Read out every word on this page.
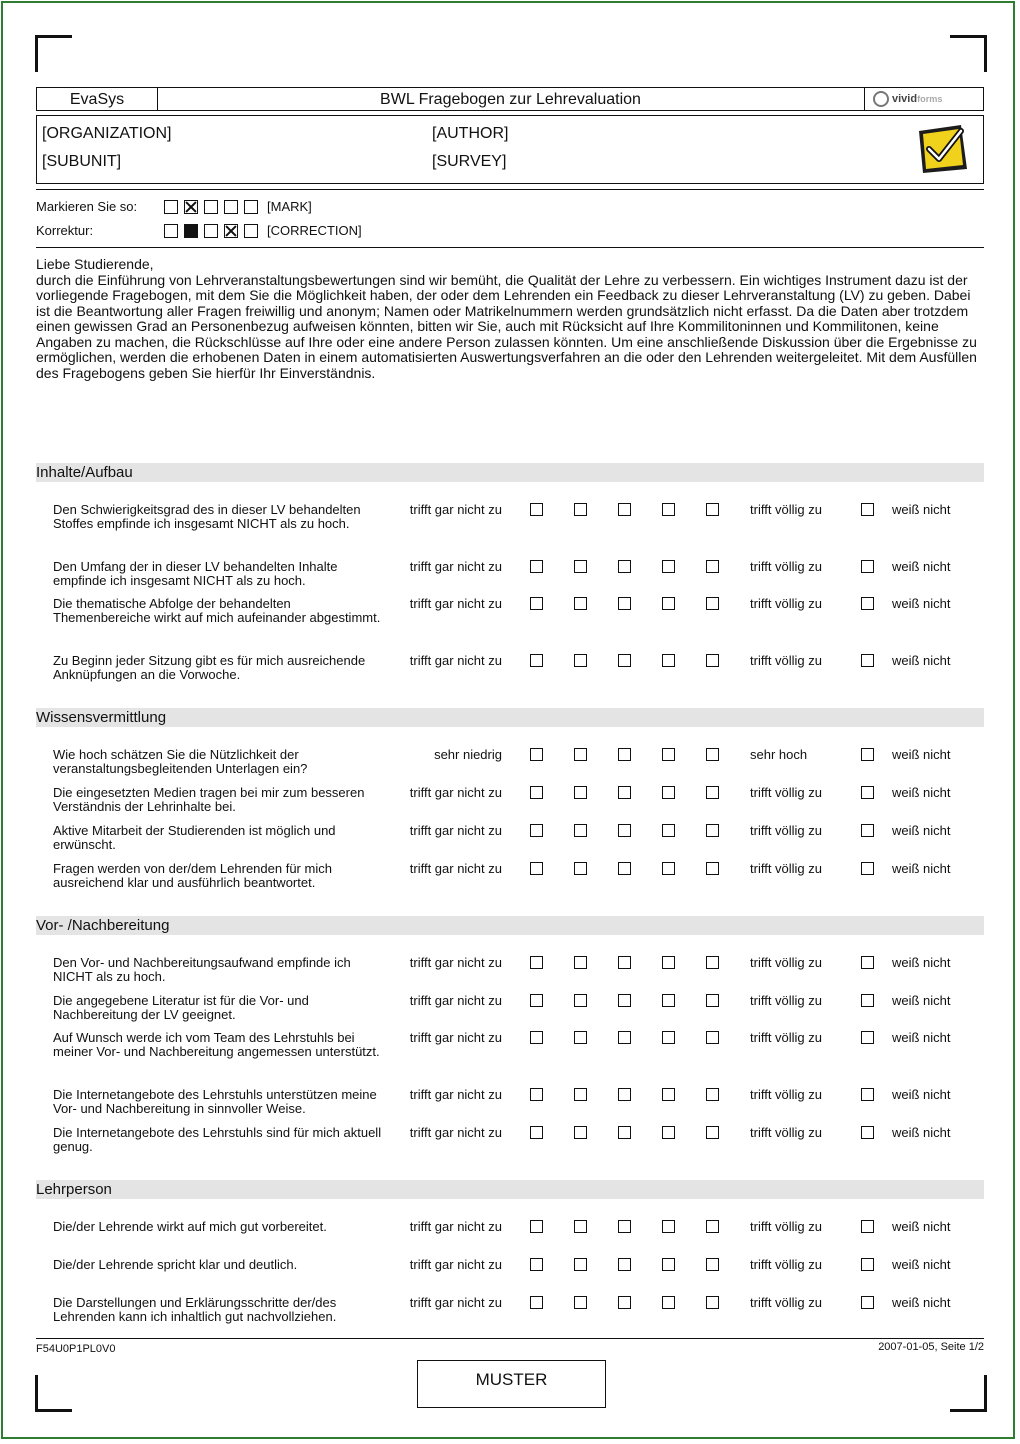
EvaSys	BWL Fragebogen zur Lehrevaluation	vividforms
[ORGANIZATION]
[SUBUNIT]
[AUTHOR]
[SURVEY]
Markieren Sie so:	[MARK]
Korrektur:	[CORRECTION]

Liebe Studierende,

durch die Einführung von Lehrveranstaltungsbewertungen sind wir bemüht, die Qualität der Lehre zu verbessern. Ein wichtiges Instrument dazu ist der vorliegende Fragebogen, mit dem Sie die Möglichkeit haben, der oder dem Lehrenden ein Feedback zu dieser Lehrveranstaltung (LV) zu geben. Dabei ist die Beantwortung aller Fragen freiwillig und anonym; Namen oder Matrikelnummern werden grundsätzlich nicht erfasst. Da die Daten aber trotzdem einen gewissen Grad an Personenbezug aufweisen könnten, bitten wir Sie, auch mit Rücksicht auf Ihre Kommilitoninnen und Kommilitonen, keine Angaben zu machen, die Rückschlüsse auf Ihre oder eine andere Person zulassen könnten. Um eine anschließende Diskussion über die Ergebnisse zu ermöglichen, werden die erhobenen Daten in einem automatisierten Auswertungsverfahren an die oder den Lehrenden weitergeleitet. Mit dem Ausfüllen des Fragebogens geben Sie hierfür Ihr Einverständnis.

Inhalte/Aufbau
Den Schwierigkeitsgrad des in dieser LV behandelten Stoffes empfinde ich insgesamt NICHT als zu hoch.
trifft gar nicht zu	trifft völlig zu	weiß nicht
Den Umfang der in dieser LV behandelten Inhalte empfinde ich insgesamt NICHT als zu hoch.
trifft gar nicht zu	trifft völlig zu	weiß nicht
Die thematische Abfolge der behandelten Themenbereiche wirkt auf mich aufeinander abgestimmt.
trifft gar nicht zu	trifft völlig zu	weiß nicht
Zu Beginn jeder Sitzung gibt es für mich ausreichende Anknüpfungen an die Vorwoche.
trifft gar nicht zu	trifft völlig zu	weiß nicht
Wissensvermittlung
Wie hoch schätzen Sie die Nützlichkeit der veranstaltungsbegleitenden Unterlagen ein?
sehr niedrig	sehr hoch	weiß nicht
Die eingesetzten Medien tragen bei mir zum besseren Verständnis der Lehrinhalte bei.
trifft gar nicht zu	trifft völlig zu	weiß nicht
Aktive Mitarbeit der Studierenden ist möglich und erwünscht.
trifft gar nicht zu	trifft völlig zu	weiß nicht
Fragen werden von der/dem Lehrenden für mich ausreichend klar und ausführlich beantwortet.
trifft gar nicht zu	trifft völlig zu	weiß nicht
Vor- /Nachbereitung
Den Vor- und Nachbereitungsaufwand empfinde ich NICHT als zu hoch.
trifft gar nicht zu	trifft völlig zu	weiß nicht
Die angegebene Literatur ist für die Vor- und Nachbereitung der LV geeignet.
trifft gar nicht zu	trifft völlig zu	weiß nicht
Auf Wunsch werde ich vom Team des Lehrstuhls bei meiner Vor- und Nachbereitung angemessen unterstützt.
trifft gar nicht zu	trifft völlig zu	weiß nicht
Die Internetangebote des Lehrstuhls unterstützen meine Vor- und Nachbereitung in sinnvoller Weise.
trifft gar nicht zu	trifft völlig zu	weiß nicht
Die Internetangebote des Lehrstuhls sind für mich aktuell genug.
trifft gar nicht zu	trifft völlig zu	weiß nicht
Lehrperson
Die/der Lehrende wirkt auf mich gut vorbereitet.	trifft gar nicht zu	trifft völlig zu	weiß nicht
Die/der Lehrende spricht klar und deutlich.	trifft gar nicht zu	trifft völlig zu	weiß nicht
Die Darstellungen und Erklärungsschritte der/des Lehrenden kann ich inhaltlich gut nachvollziehen.
trifft gar nicht zu	trifft völlig zu	weiß nicht
F54U0P1PL0V0	2007-01-05, Seite 1/2
MUSTER
